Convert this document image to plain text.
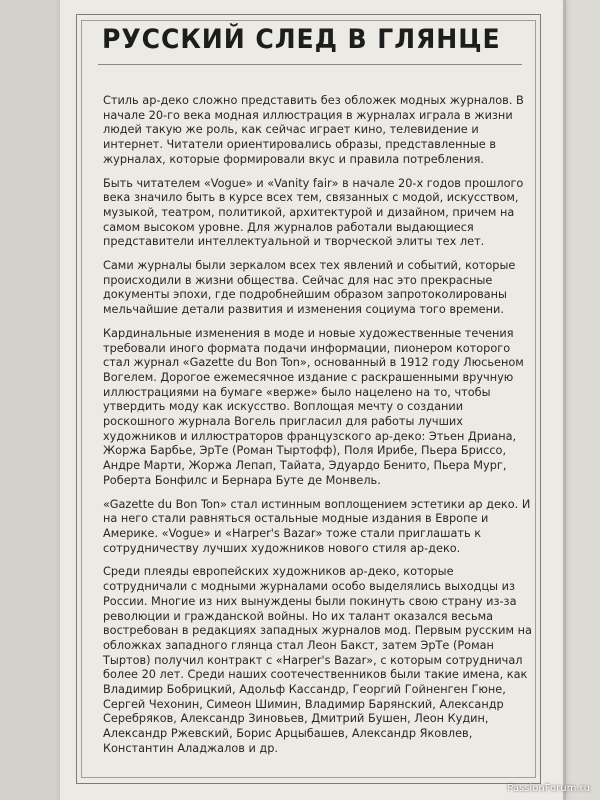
РУССКИЙ СЛЕД В ГЛЯНЦЕ

Стиль ар-деко сложно представить без обложек модных журналов. В начале 20-го века модная иллюстрация в журналах играла в жизни людей такую же роль, как сейчас играет кино, телевидение и интернет. Читатели ориентировались образы, представленные в журналах, которые формировали вкус и правила потребления.

Быть читателем «Vogue» и «Vanity fair» в начале 20-х годов прошлого века значило быть в курсе всех тем, связанных с модой, искусством, музыкой, театром, политикой, архитектурой и дизайном, причем на самом высоком уровне. Для журналов работали выдающиеся представители интеллектуальной и творческой элиты тех лет.

Сами журналы были зеркалом всех тех явлений и событий, которые происходили в жизни общества. Сейчас для нас это прекрасные документы эпохи, где подробнейшим образом запротоколированы мельчайшие детали развития и изменения социума того времени.

Кардинальные изменения в моде и новые художественные течения требовали иного формата подачи информации, пионером которого стал журнал «Gazette du Bon Ton», основанный в 1912 году Люсьеном Вогелем. Дорогое ежемесячное издание с раскрашенными вручную иллюстрациями на бумаге «верже» было нацелено на то, чтобы утвердить моду как искусство. Воплощая мечту о создании роскошного журнала Вогель пригласил для работы лучших художников и иллюстраторов французского ар-деко: Этьен Дриана, Жоржа Барбье, ЭрТе (Роман Тыртофф), Поля Ирибе, Пьера Бриссо, Андре Марти, Жоржа Лепап, Тайата, Эдуардо Бенито, Пьера Мург, Роберта Бонфилс и Бернара Буте де Монвель.

«Gazette du Bon Ton» стал истинным воплощением эстетики ар деко. И на него стали равняться остальные модные издания в Европе и Америке. «Vogue» и «Harper's Bazar» тоже стали приглашать к сотрудничеству лучших художников нового стиля ар-деко.

Среди плеяды европейских художников ар-деко, которые сотрудничали с модными журналами особо выделялись выходцы из России. Многие из них вынуждены были покинуть свою страну из-за революции и гражданской войны. Но их талант оказался весьма востребован в редакциях западных журналов мод. Первым русским на обложках западного глянца стал Леон Бакст, затем ЭрТе (Роман Тыртов) получил контракт с «Harper's Bazar», с которым сотрудничал более 20 лет. Среди наших соотечественников были такие имена, как Владимир Бобрицкий, Адольф Кассандр, Георгий Гойненген Гюне, Сергей Чехонин, Симеон Шимин, Владимир Барянский, Александр Серебряков, Александр Зиновьев, Дмитрий Бушен, Леон Кудин, Александр Ржевский, Борис Арцыбашев, Александр Яковлев, Константин Аладжалов и др.

PassionForum.ru
